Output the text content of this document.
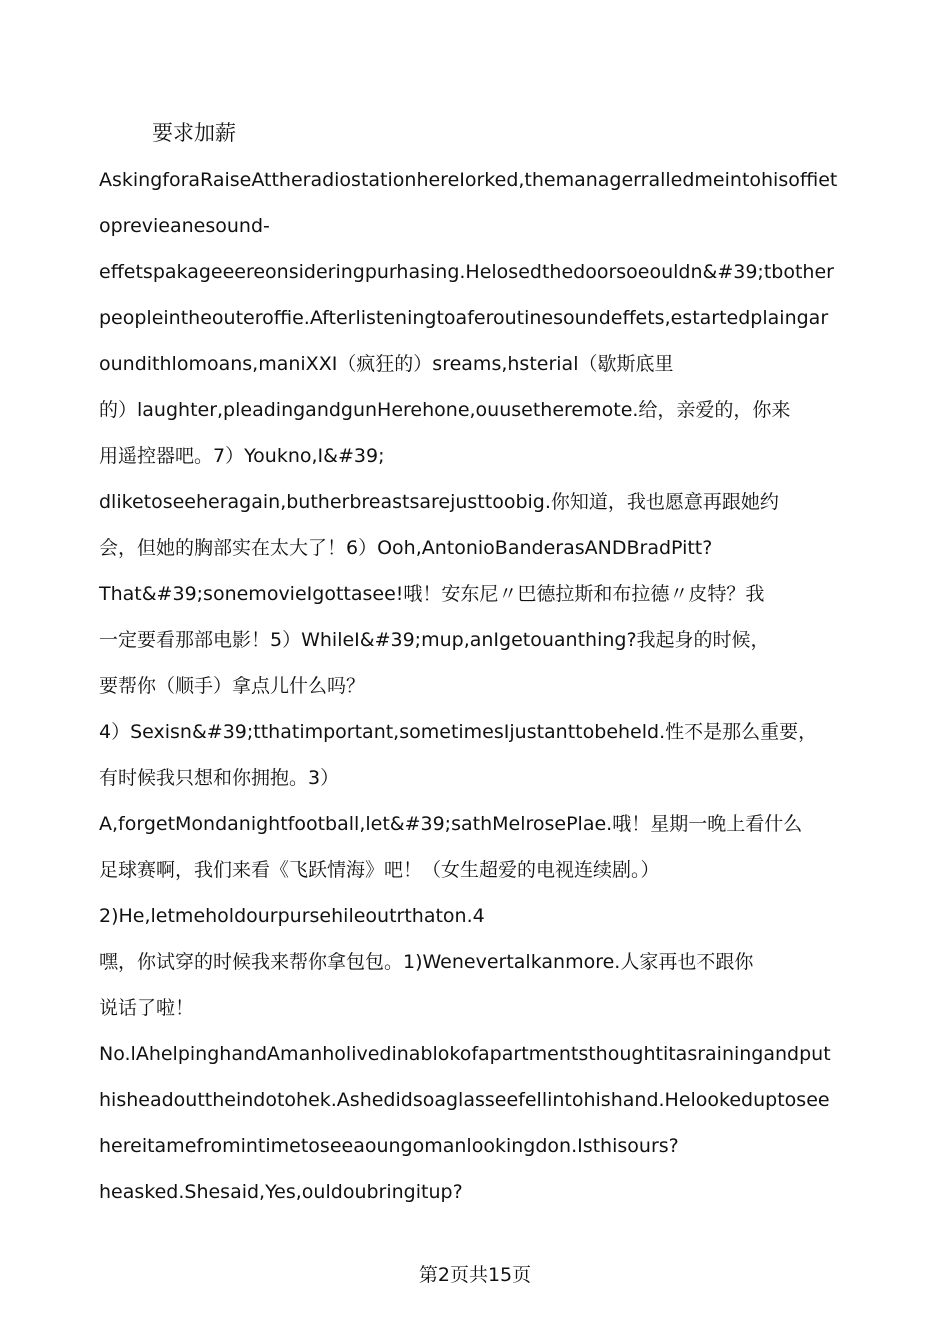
要求加薪
AskingforaRaiseAttheradiostationhereIorked,themanagerralledmeintohisoffiet
oprevieanesound-
effetspakageeereonsideringpurhasing.Helosedthedoorsoeouldn&#39;tbother
peopleintheouteroffie.Afterlisteningtoaferoutinesoundeffets,estartedplaingar
oundithlomoans,maniXXI（疯狂的）sreams,hsterial（歇斯底里
的）laughter,pleadingandgunHerehone,ouusetheremote.给，亲爱的，你来
用遥控器吧。7）Youkno,I&#39;
dliketoseeheragain,butherbreastsarejusttoobig.你知道，我也愿意再跟她约
会，但她的胸部实在太大了！6）Ooh,AntonioBanderasANDBradPitt?
That&#39;sonemovieIgottasee!哦！安东尼〃巴德拉斯和布拉德〃皮特？我
一定要看那部电影！5）WhileI&#39;mup,anIgetouanthing?我起身的时候，
要帮你（顺手）拿点儿什么吗？
4）Sexisn&#39;tthatimportant,sometimesIjustanttobeheld.性不是那么重要，
有时候我只想和你拥抱。3）
A,forgetMondanightfootball,let&#39;sathMelrosePlae.哦！星期一晚上看什么
足球赛啊，我们来看《飞跃情海》吧！（女生超爱的电视连续剧。）
2)He,letmeholdourpursehileoutrthaton.4
嘿，你试穿的时候我来帮你拿包包。1)Wenevertalkanmore.人家再也不跟你
说话了啦！
No.lAhelpinghandAmanholivedinablokofapartmentsthoughtitasrainingandput
hisheadouttheindotohek.Ashedidsoaglasseefellintohishand.Helookeduptosee
hereitamefromintimetoseeaoungomanlookingdon.Isthisours?
heasked.Shesaid,Yes,ouldoubringitup?
第2页共15页
